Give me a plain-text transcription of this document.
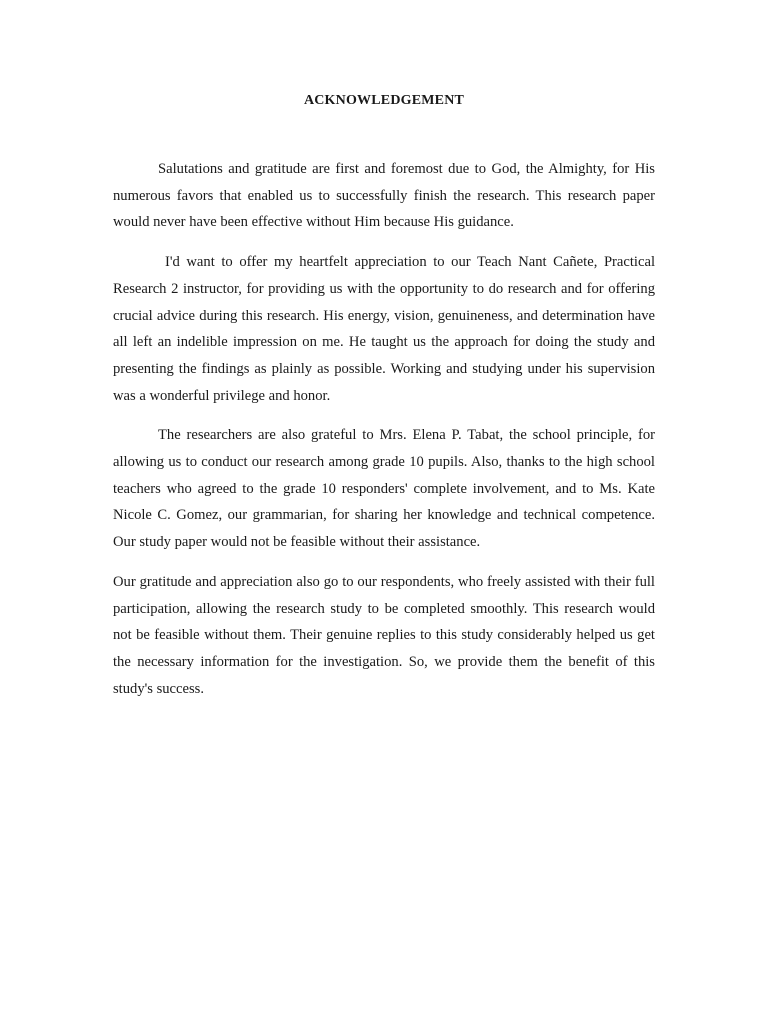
ACKNOWLEDGEMENT

Salutations and gratitude are first and foremost due to God, the Almighty, for His numerous favors that enabled us to successfully finish the research. This research paper would never have been effective without Him because His guidance.

I'd want to offer my heartfelt appreciation to our Teach Nant Cañete, Practical Research 2 instructor, for providing us with the opportunity to do research and for offering crucial advice during this research. His energy, vision, genuineness, and determination have all left an indelible impression on me. He taught us the approach for doing the study and presenting the findings as plainly as possible. Working and studying under his supervision was a wonderful privilege and honor.

The researchers are also grateful to Mrs. Elena P. Tabat, the school principle, for allowing us to conduct our research among grade 10 pupils. Also, thanks to the high school teachers who agreed to the grade 10 responders' complete involvement, and to Ms. Kate Nicole C. Gomez, our grammarian, for sharing her knowledge and technical competence. Our study paper would not be feasible without their assistance.

Our gratitude and appreciation also go to our respondents, who freely assisted with their full participation, allowing the research study to be completed smoothly. This research would not be feasible without them. Their genuine replies to this study considerably helped us get the necessary information for the investigation. So, we provide them the benefit of this study's success.
